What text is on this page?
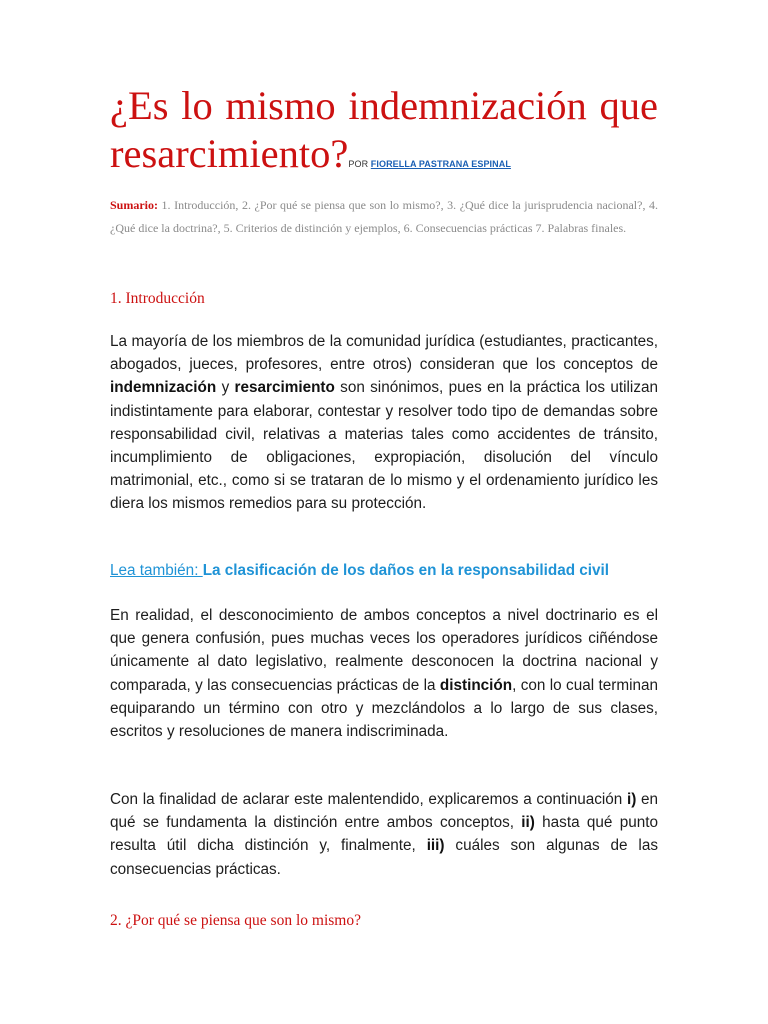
¿Es lo mismo indemnización que
resarcimiento?POR FIORELLA PASTRANA ESPINAL

Sumario: 1. Introducción, 2. ¿Por qué se piensa que son lo mismo?, 3. ¿Qué dice la jurisprudencia nacional?, 4. ¿Qué dice la doctrina?, 5. Criterios de distinción y ejemplos, 6. Consecuencias prácticas 7. Palabras finales.

1. Introducción

La mayoría de los miembros de la comunidad jurídica (estudiantes, practicantes, abogados, jueces, profesores, entre otros) consideran que los conceptos de indemnización y resarcimiento son sinónimos, pues en la práctica los utilizan indistintamente para elaborar, contestar y resolver todo tipo de demandas sobre responsabilidad civil, relativas a materias tales como accidentes de tránsito, incumplimiento de obligaciones, expropiación, disolución del vínculo matrimonial, etc., como si se trataran de lo mismo y el ordenamiento jurídico les diera los mismos remedios para su protección.

Lea también: La clasificación de los daños en la responsabilidad civil

En realidad, el desconocimiento de ambos conceptos a nivel doctrinario es el que genera confusión, pues muchas veces los operadores jurídicos ciñéndose únicamente al dato legislativo, realmente desconocen la doctrina nacional y comparada, y las consecuencias prácticas de la distinción, con lo cual terminan equiparando un término con otro y mezclándolos a lo largo de sus clases, escritos y resoluciones de manera indiscriminada.

Con la finalidad de aclarar este malentendido, explicaremos a continuación i) en qué se fundamenta la distinción entre ambos conceptos, ii) hasta qué punto resulta útil dicha distinción y, finalmente, iii) cuáles son algunas de las consecuencias prácticas.

2. ¿Por qué se piensa que son lo mismo?
